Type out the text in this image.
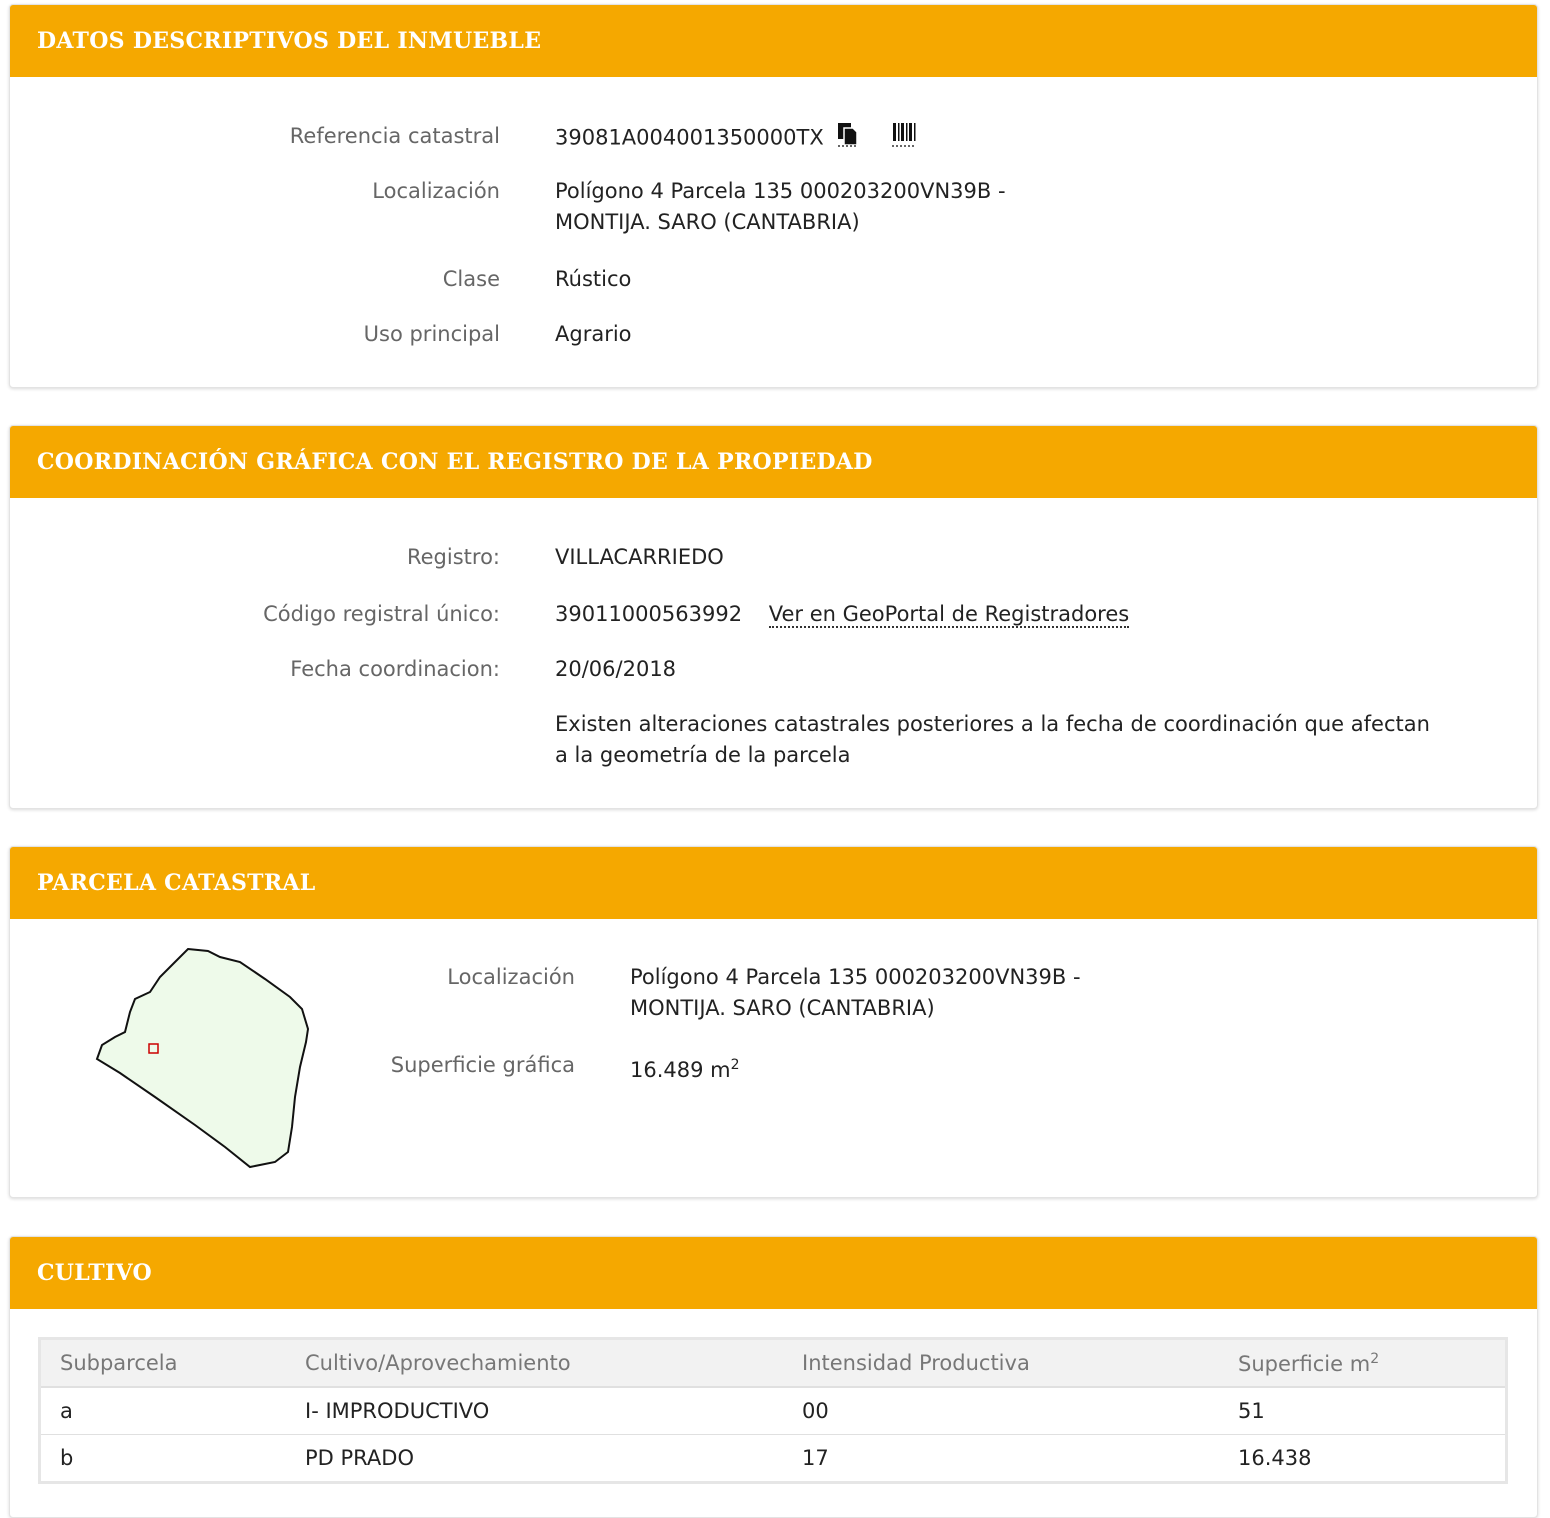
DATOS DESCRIPTIVOS DEL INMUEBLE
Referencia catastral	39081A004001350000TX
Localización	Polígono 4 Parcela 135 000203200VN39B -
MONTIJA. SARO (CANTABRIA)
Clase	Rústico
Uso principal	Agrario
COORDINACIÓN GRÁFICA CON EL REGISTRO DE LA PROPIEDAD
Registro:	VILLACARRIEDO
Código registral único:	39011000563992 Ver en GeoPortal de Registradores
Fecha coordinacion:	20/06/2018
Existen alteraciones catastrales posteriores a la fecha de coordinación que afectan
a la geometría de la parcela
PARCELA CATASTRAL
Localización	Polígono 4 Parcela 135 000203200VN39B -
MONTIJA. SARO (CANTABRIA)
Superficie gráfica	16.489 $m^2$
CULTIVO
Subparcela	Cultivo/Aprovechamiento	Intensidad Productiva	Superficie $m^2$
a	I- IMPRODUCTIVO	00	51
b	PD PRADO	17	16.438
